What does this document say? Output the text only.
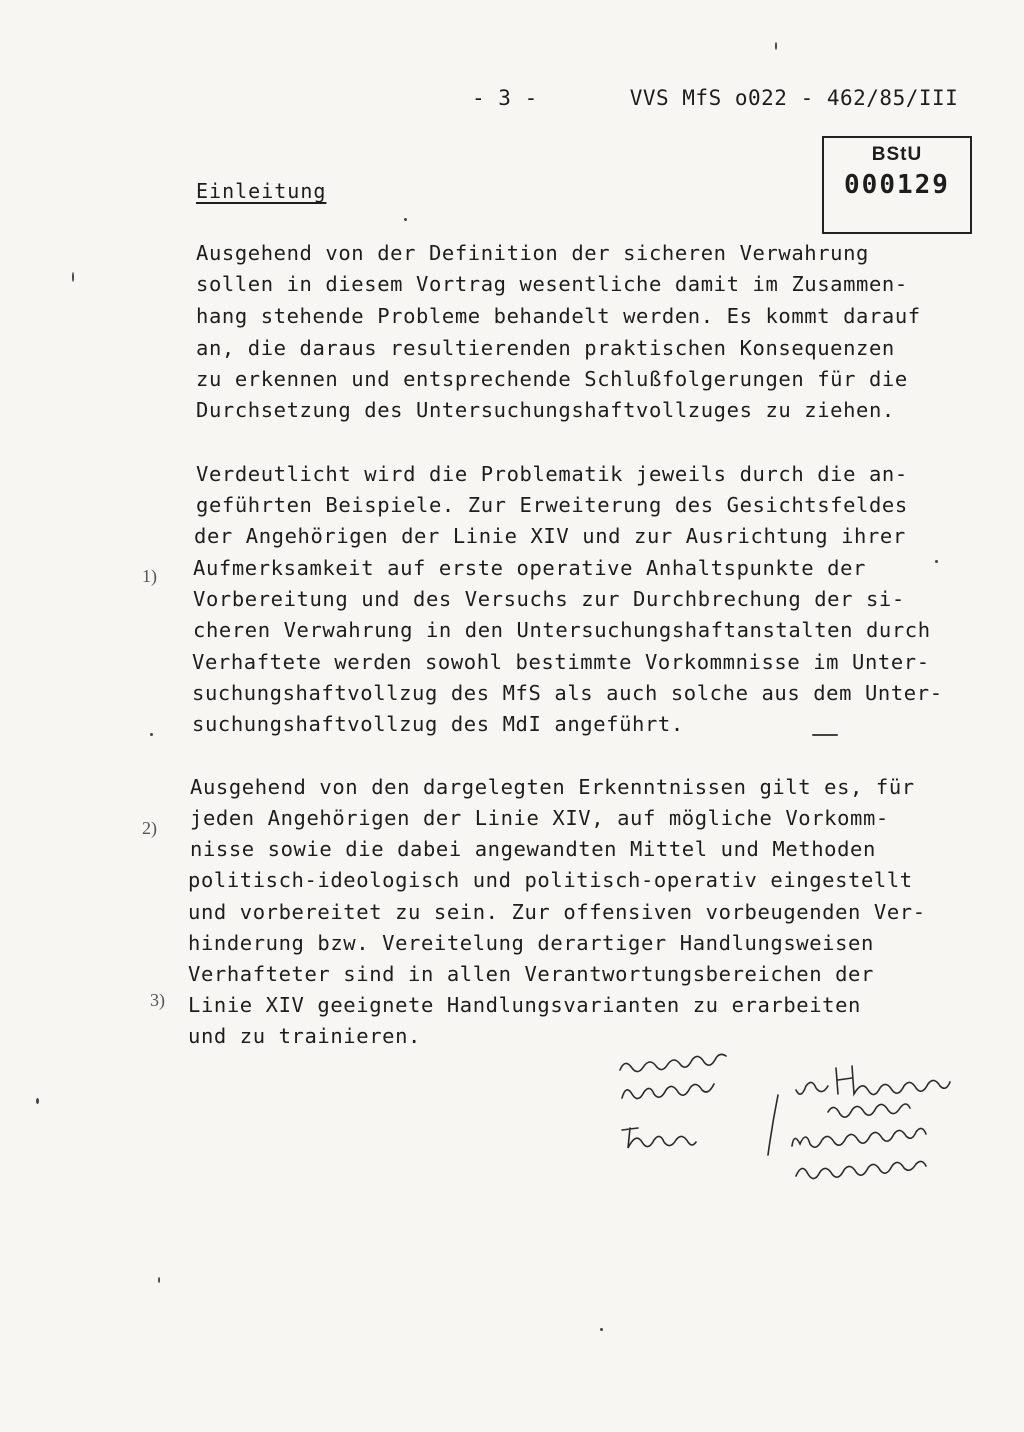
- 3 -	VVS MfS o022 - 462/85/III
BStU
000129
Einleitung
Ausgehend von der Definition der sicheren Verwahrung
sollen in diesem Vortrag wesentliche damit im Zusammen-
hang stehende Probleme behandelt werden. Es kommt darauf
an, die daraus resultierenden praktischen Konsequenzen
zu erkennen und entsprechende Schlußfolgerungen für die
Durchsetzung des Untersuchungshaftvollzuges zu ziehen.
Verdeutlicht wird die Problematik jeweils durch die an-
geführten Beispiele. Zur Erweiterung des Gesichtsfeldes
der Angehörigen der Linie XIV und zur Ausrichtung ihrer
Aufmerksamkeit auf erste operative Anhaltspunkte der
Vorbereitung und des Versuchs zur Durchbrechung der si-
cheren Verwahrung in den Untersuchungshaftanstalten durch
Verhaftete werden sowohl bestimmte Vorkommnisse im Unter-
suchungshaftvollzug des MfS als auch solche aus dem Unter-
suchungshaftvollzug des MdI angeführt.
Ausgehend von den dargelegten Erkenntnissen gilt es, für
jeden Angehörigen der Linie XIV, auf mögliche Vorkomm-
nisse sowie die dabei angewandten Mittel und Methoden
politisch-ideologisch und politisch-operativ eingestellt
und vorbereitet zu sein. Zur offensiven vorbeugenden Ver-
hinderung bzw. Vereitelung derartiger Handlungsweisen
Verhafteter sind in allen Verantwortungsbereichen der
Linie XIV geeignete Handlungsvarianten zu erarbeiten
und zu trainieren.
1)
2)
3)
